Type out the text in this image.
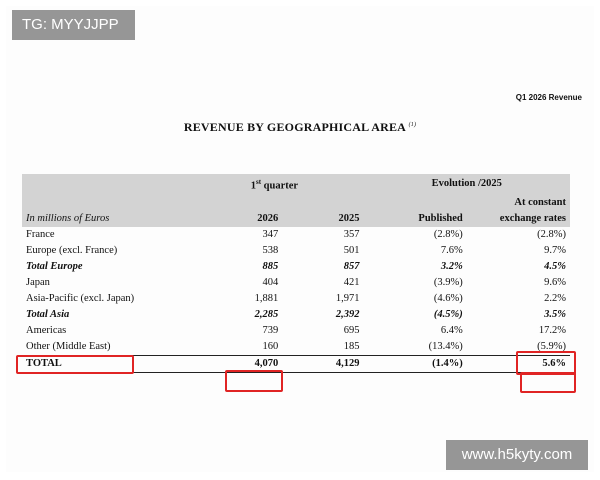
TG: MYYJJPP
Q1 2026 Revenue
REVENUE BY GEOGRAPHICAL AREA $^{(1)}$
	1st quarter		Evolution /2025	
In millions of Euros	2026	2025	Published	At constant exchange rates
France	347	357	(2.8%)	(2.8%)
Europe (excl. France)	538	501	7.6%	9.7%
Total Europe	885	857	3.2%	4.5%
Japan	404	421	(3.9%)	9.6%
Asia-Pacific (excl. Japan)	1,881	1,971	(4.6%)	2.2%
Total Asia	2,285	2,392	(4.5%)	3.5%
Americas	739	695	6.4%	17.2%
Other (Middle East)	160	185	(13.4%)	(5.9%)
TOTAL	4,070	4,129	(1.4%)	5.6%
www.h5kyty.com
